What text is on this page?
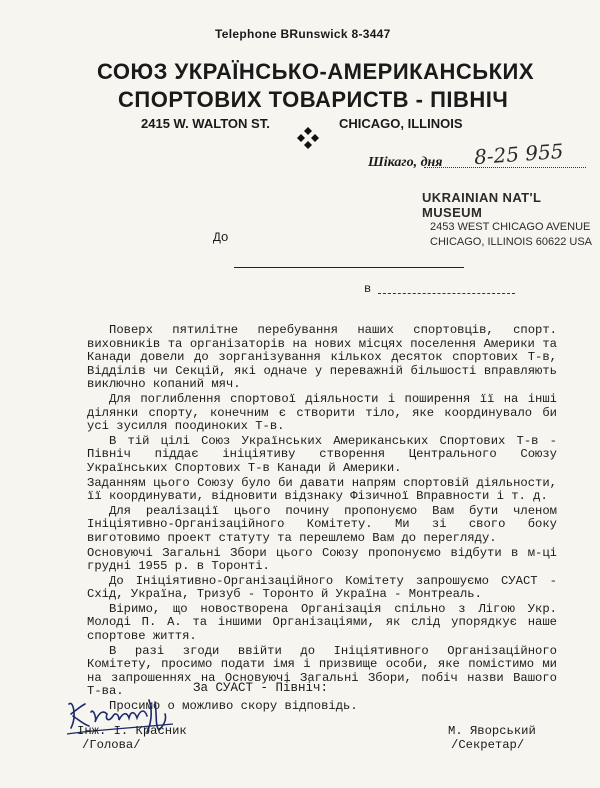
Telephone BRunswick 8-3447
СОЮЗ УКРАЇНСЬКО-АМЕРИКАНСЬКИХ
СПОРТОВИХ ТОВАРИСТВ - ПІВНІЧ
2415 W. WALTON ST.	CHICAGO, ILLINOIS
Шікаго, дня 8-25 955
UKRAINIAN NAT'L MUSEUM
2453 WEST CHICAGO AVENUE
CHICAGO, ILLINOIS 60622 USA
До
в

Поверх пятилітне перебування наших спортовців, спорт. виховників та організаторів на нових місцях поселення Америки та Канади довели до зорганізування кількох десяток спортових Т-в, Відділів чи Секцій, які одначе у переважній більшості вправляють виключно копаний мяч.

Для поглиблення спортової діяльности і поширення її на інші ділянки спорту, конечним є створити тіло, яке координувало би усі зусилля поодиноких Т-в.

В тій цілі Союз Українських Американських Спортових Т-в - Північ піддає ініціятиву створення Центрального Союзу Українських Спортових Т-в Канади й Америки.

Заданням цього Союзу було би давати напрям спортовій діяльности, її координувати, відновити відзнаку Фізичної Вправности і т. д.

Для реалізації цього почину пропонуємо Вам бути членом Ініціятивно-Організаційного Комітету. Ми зі свого боку виготовимо проект статуту та перешлемо Вам до перегляду.

Основуючі Загальні Збори цього Союзу пропонуємо відбути в м-ці грудні 1955 р. в Торонті.

До Ініціятивно-Організаційного Комітету запрошуємо СУАСТ - Схід, Україна, Тризуб - Торонто й Україна - Монтреаль.

Віримо, що новостворена Організація спільно з Лігою Укр. Молоді П. А. та іншими Організаціями, як слід упорядкує наше спортове життя.

В разі згоди ввійти до Ініціятивного Організаційного Комітету, просимо подати імя і призвище особи, яке помістимо ми на запрошеннях на Основуючі Загальні Збори, побіч назви Вашого Т-ва.

Просимо о можливо скору відповідь.

За СУАСТ - Північ:
Інж. І. Красник
/Голова/
М. Яворський
/Секретар/
